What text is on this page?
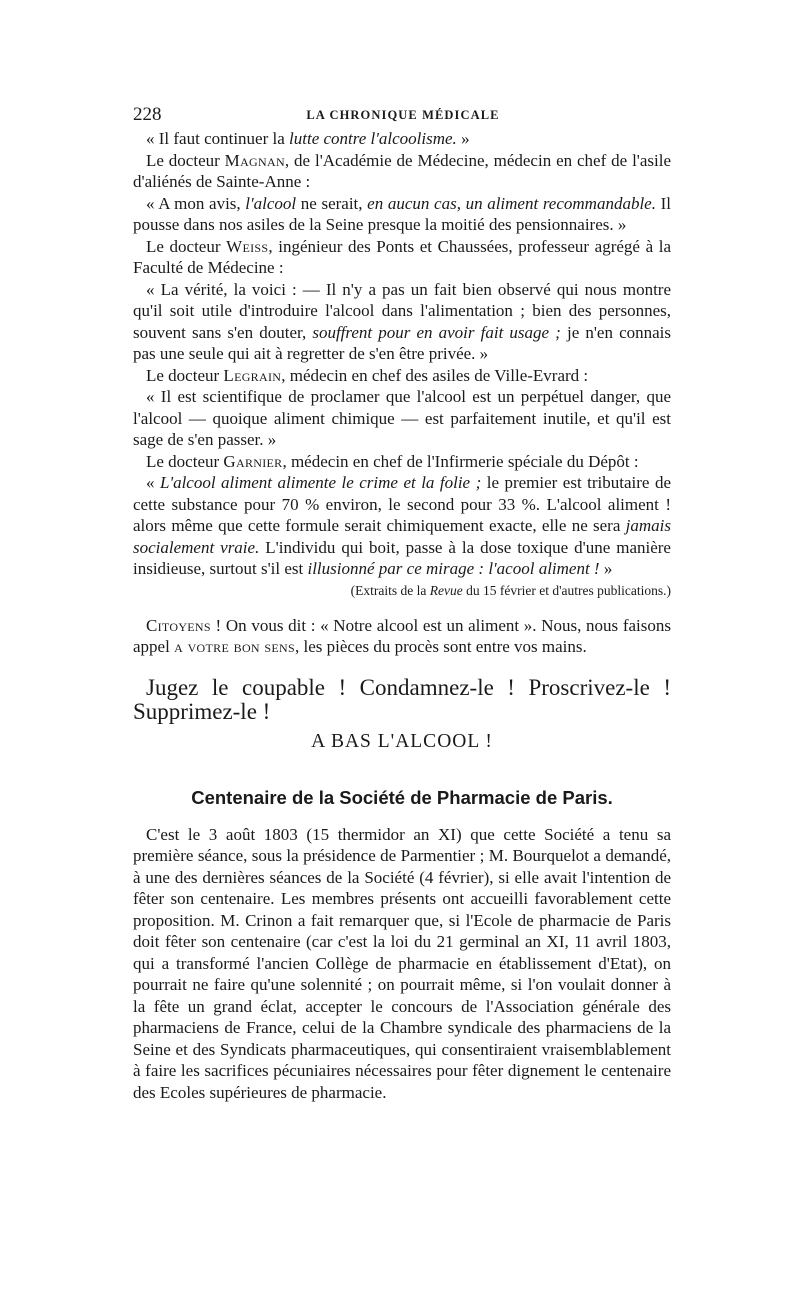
228	LA CHRONIQUE MÉDICALE

« Il faut continuer la lutte contre l'alcoolisme. »

Le docteur Magnan, de l'Académie de Médecine, médecin en chef de l'asile d'aliénés de Sainte-Anne :

« A mon avis, l'alcool ne serait, en aucun cas, un aliment recommandable. Il pousse dans nos asiles de la Seine presque la moitié des pensionnaires. »

Le docteur Weiss, ingénieur des Ponts et Chaussées, professeur agrégé à la Faculté de Médecine :

« La vérité, la voici : — Il n'y a pas un fait bien observé qui nous montre qu'il soit utile d'introduire l'alcool dans l'alimentation ; bien des personnes, souvent sans s'en douter, souffrent pour en avoir fait usage ; je n'en connais pas une seule qui ait à regretter de s'en être privée. »

Le docteur Legrain, médecin en chef des asiles de Ville-Evrard :

« Il est scientifique de proclamer que l'alcool est un perpétuel danger, que l'alcool — quoique aliment chimique — est parfaitement inutile, et qu'il est sage de s'en passer. »

Le docteur Garnier, médecin en chef de l'Infirmerie spéciale du Dépôt :

« L'alcool aliment alimente le crime et la folie ; le premier est tributaire de cette substance pour 70 % environ, le second pour 33 %. L'alcool aliment ! alors même que cette formule serait chimiquement exacte, elle ne sera jamais socialement vraie. L'individu qui boit, passe à la dose toxique d'une manière insidieuse, surtout s'il est illusionné par ce mirage : l'acool aliment ! »

(Extraits de la Revue du 15 février et d'autres publications.)

Citoyens ! On vous dit : « Notre alcool est un aliment ». Nous, nous faisons appel a votre bon sens, les pièces du procès sont entre vos mains.

Jugez le coupable ! Condamnez-le ! Proscrivez-le ! Supprimez-le !

A BAS L'ALCOOL !

Centenaire de la Société de Pharmacie de Paris.

C'est le 3 août 1803 (15 thermidor an XI) que cette Société a tenu sa première séance, sous la présidence de Parmentier ; M. Bourquelot a demandé, à une des dernières séances de la Société (4 février), si elle avait l'intention de fêter son centenaire. Les membres présents ont accueilli favorablement cette proposition. M. Crinon a fait remarquer que, si l'Ecole de pharmacie de Paris doit fêter son centenaire (car c'est la loi du 21 germinal an XI, 11 avril 1803, qui a transformé l'ancien Collège de pharmacie en établissement d'Etat), on pourrait ne faire qu'une solennité ; on pourrait même, si l'on voulait donner à la fête un grand éclat, accepter le concours de l'Association générale des pharmaciens de France, celui de la Chambre syndicale des pharmaciens de la Seine et des Syndicats pharmaceutiques, qui consentiraient vraisemblablement à faire les sacrifices pécuniaires nécessaires pour fêter dignement le centenaire des Ecoles supérieures de pharmacie.
